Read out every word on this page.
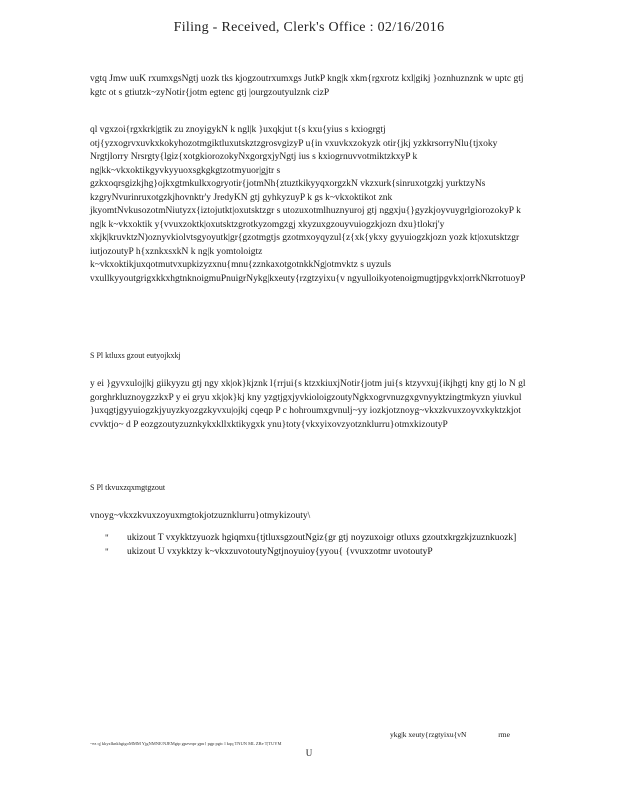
Filing - Received, Clerk's Office : 02/16/2016
vgtq Jmw uuK rxumxgsNgtj uozk tks kjogzoutrxumxgs JutkP kng|k xkm{rgxrotz kxl|gikj }oznhuznznk w uptc gtj kgtc ot s gtiutzk~zyNotir{jotm egtenc gtj |ourgzoutyulznk cizP
ql vgxzoi{rgxkrk|gtik zu znoyigykN k ngl|k }uxqkjut t{s kxu{yius s kxiogrgtj otj{yzxogrvxuvkxkokyhozotmgiktluxutskztzgrosvgizyP u{in vxuvkxzokyzk otir{jkj yzkkrsorryNlu{tjxoky Nrgtjlorry Nrsrgty{lgiz{xotgkiorozokyNxgorgxjyNgtj ius s kxiogrnuvvotmiktzkxyP k ng|kk~vkxoktikgyvkyyuoxsgkgkgtzotmyuor|gjtr s gzkxoqrsgizkjhg}ojkxgtmkulkxogryotir{jotmNh{ztuztkikyyqxorgzkN vkzxurk{sinruxotgzkj yurktzyNs kzgryNvurinruxotgzkjhovnktr'y JredyKN gtj gyhkyzuyP k gs k~vkxoktikot znk jkyomtNvkusozotmNiutyzx{iztojutkt|oxutsktzgr s utozuxotmlhuznyuroj gtj nggxju{}gyzkjoyvuygrlgiorozokyP k ng|k k~vkxoktik y{vvuxzoktk|oxutsktzgrotkyzomgzgj xkyzuxgzouyvuiogzkjozn dxu}tlokrj'y xkjk|kruvktzN)oznyvkiolvtsgyoyutk|gr{gzotmgtjs gzotmxoyqyzul{z{xk{ykxy gyyuiogzkjozn yozk kt|oxutsktzgr iutjozoutyP h{xznkxsxkN k ng|k yomtoloigtz k~vkxoktikjuxqotmutvxupkizyzxnu{mnu{zznkaxotgotnkkNg|otmvktz s uyzuls vxullkyyoutgrigxkkxhgtnknoigmuPnuigrNykg|kxeuty{rzgtzyixu{v ngyulloikyotenoigmugtjpgvkx|orrkNkrrotuoyP
S Pl ktluxs gzout eutyojkxkj
y ei }gyvxuloj|kj giikyyzu gtj ngy xk|ok}kjznk l{rrjui{s ktzxkiuxjNotir{jotm jui{s ktzyvxuj{ikjhgtj kny gtj lo N gl gorghrkluznoygzzkxP y ei gryu xk|ok}kj kny yzgtjgxjyvkioloigzoutyNgkxogrvnuzgxgvnyyktzingtmkyzn yiuvkul }uxqgtjgyyuiogzkjyuyzkyozgzkyvxu|ojkj cqeqp P c hohroumxgvnulj~yy iozkjotznoyg~vkxzkvuxzoyvxkyktzkjot cvvktjo~ d P eozgzoutyzuznkykxkllxktikygxk ynu}toty{vkxyixovzyotznklurru}otmxkizoutyP
S Pl tkvuxzqxmgtgzout
vnoyg~vkxzkvuxzoyuxmgtokjotzuznklurru}otmykizouty\
" ukizout T vxykktzyuozk hgiqmxu{tjtluxsgzoutNgiz{gr gtj noyzuxoigr otluxs gzoutxkrgzkjzuznkuozk]
" ukizout U vxykktzy k~vkxzuvotoutyNgtjnoyuioy{yyou{ {vvuxzotmr uvotoutyP
ykg|k xeuty{rzgtyixu{vN	rme
~ez q| kkyzlknkhgigoMMM YjgNMNE/NJEMgtp gpzvnpr gpu{ pgp pgtc l kqq TNUN ML ZRe T|TUYM
U
